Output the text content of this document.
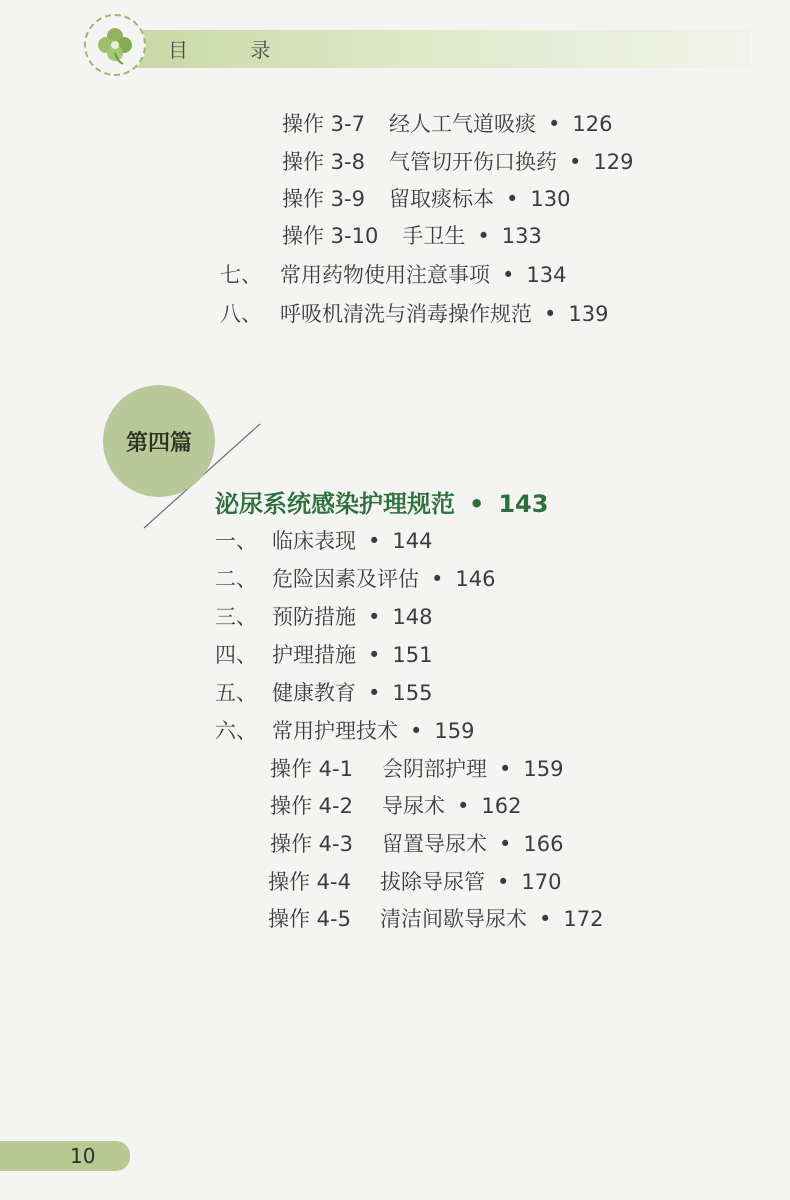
目 录
操作 3-7 经人工气道吸痰 • 126
操作 3-8 气管切开伤口换药 • 129
操作 3-9 留取痰标本 • 130
操作 3-10 手卫生 • 133
七、 常用药物使用注意事项 • 134
八、 呼吸机清洗与消毒操作规范 • 139
第四篇
泌尿系统感染护理规范 • 143
一、 临床表现 • 144
二、 危险因素及评估 • 146
三、 预防措施 • 148
四、 护理措施 • 151
五、 健康教育 • 155
六、 常用护理技术 • 159
操作 4-1	会阴部护理 • 159
操作 4-2	导尿术 • 162
操作 4-3	留置导尿术 • 166
操作 4-4	拔除导尿管 • 170
操作 4-5	清洁间歇导尿术 • 172
10
